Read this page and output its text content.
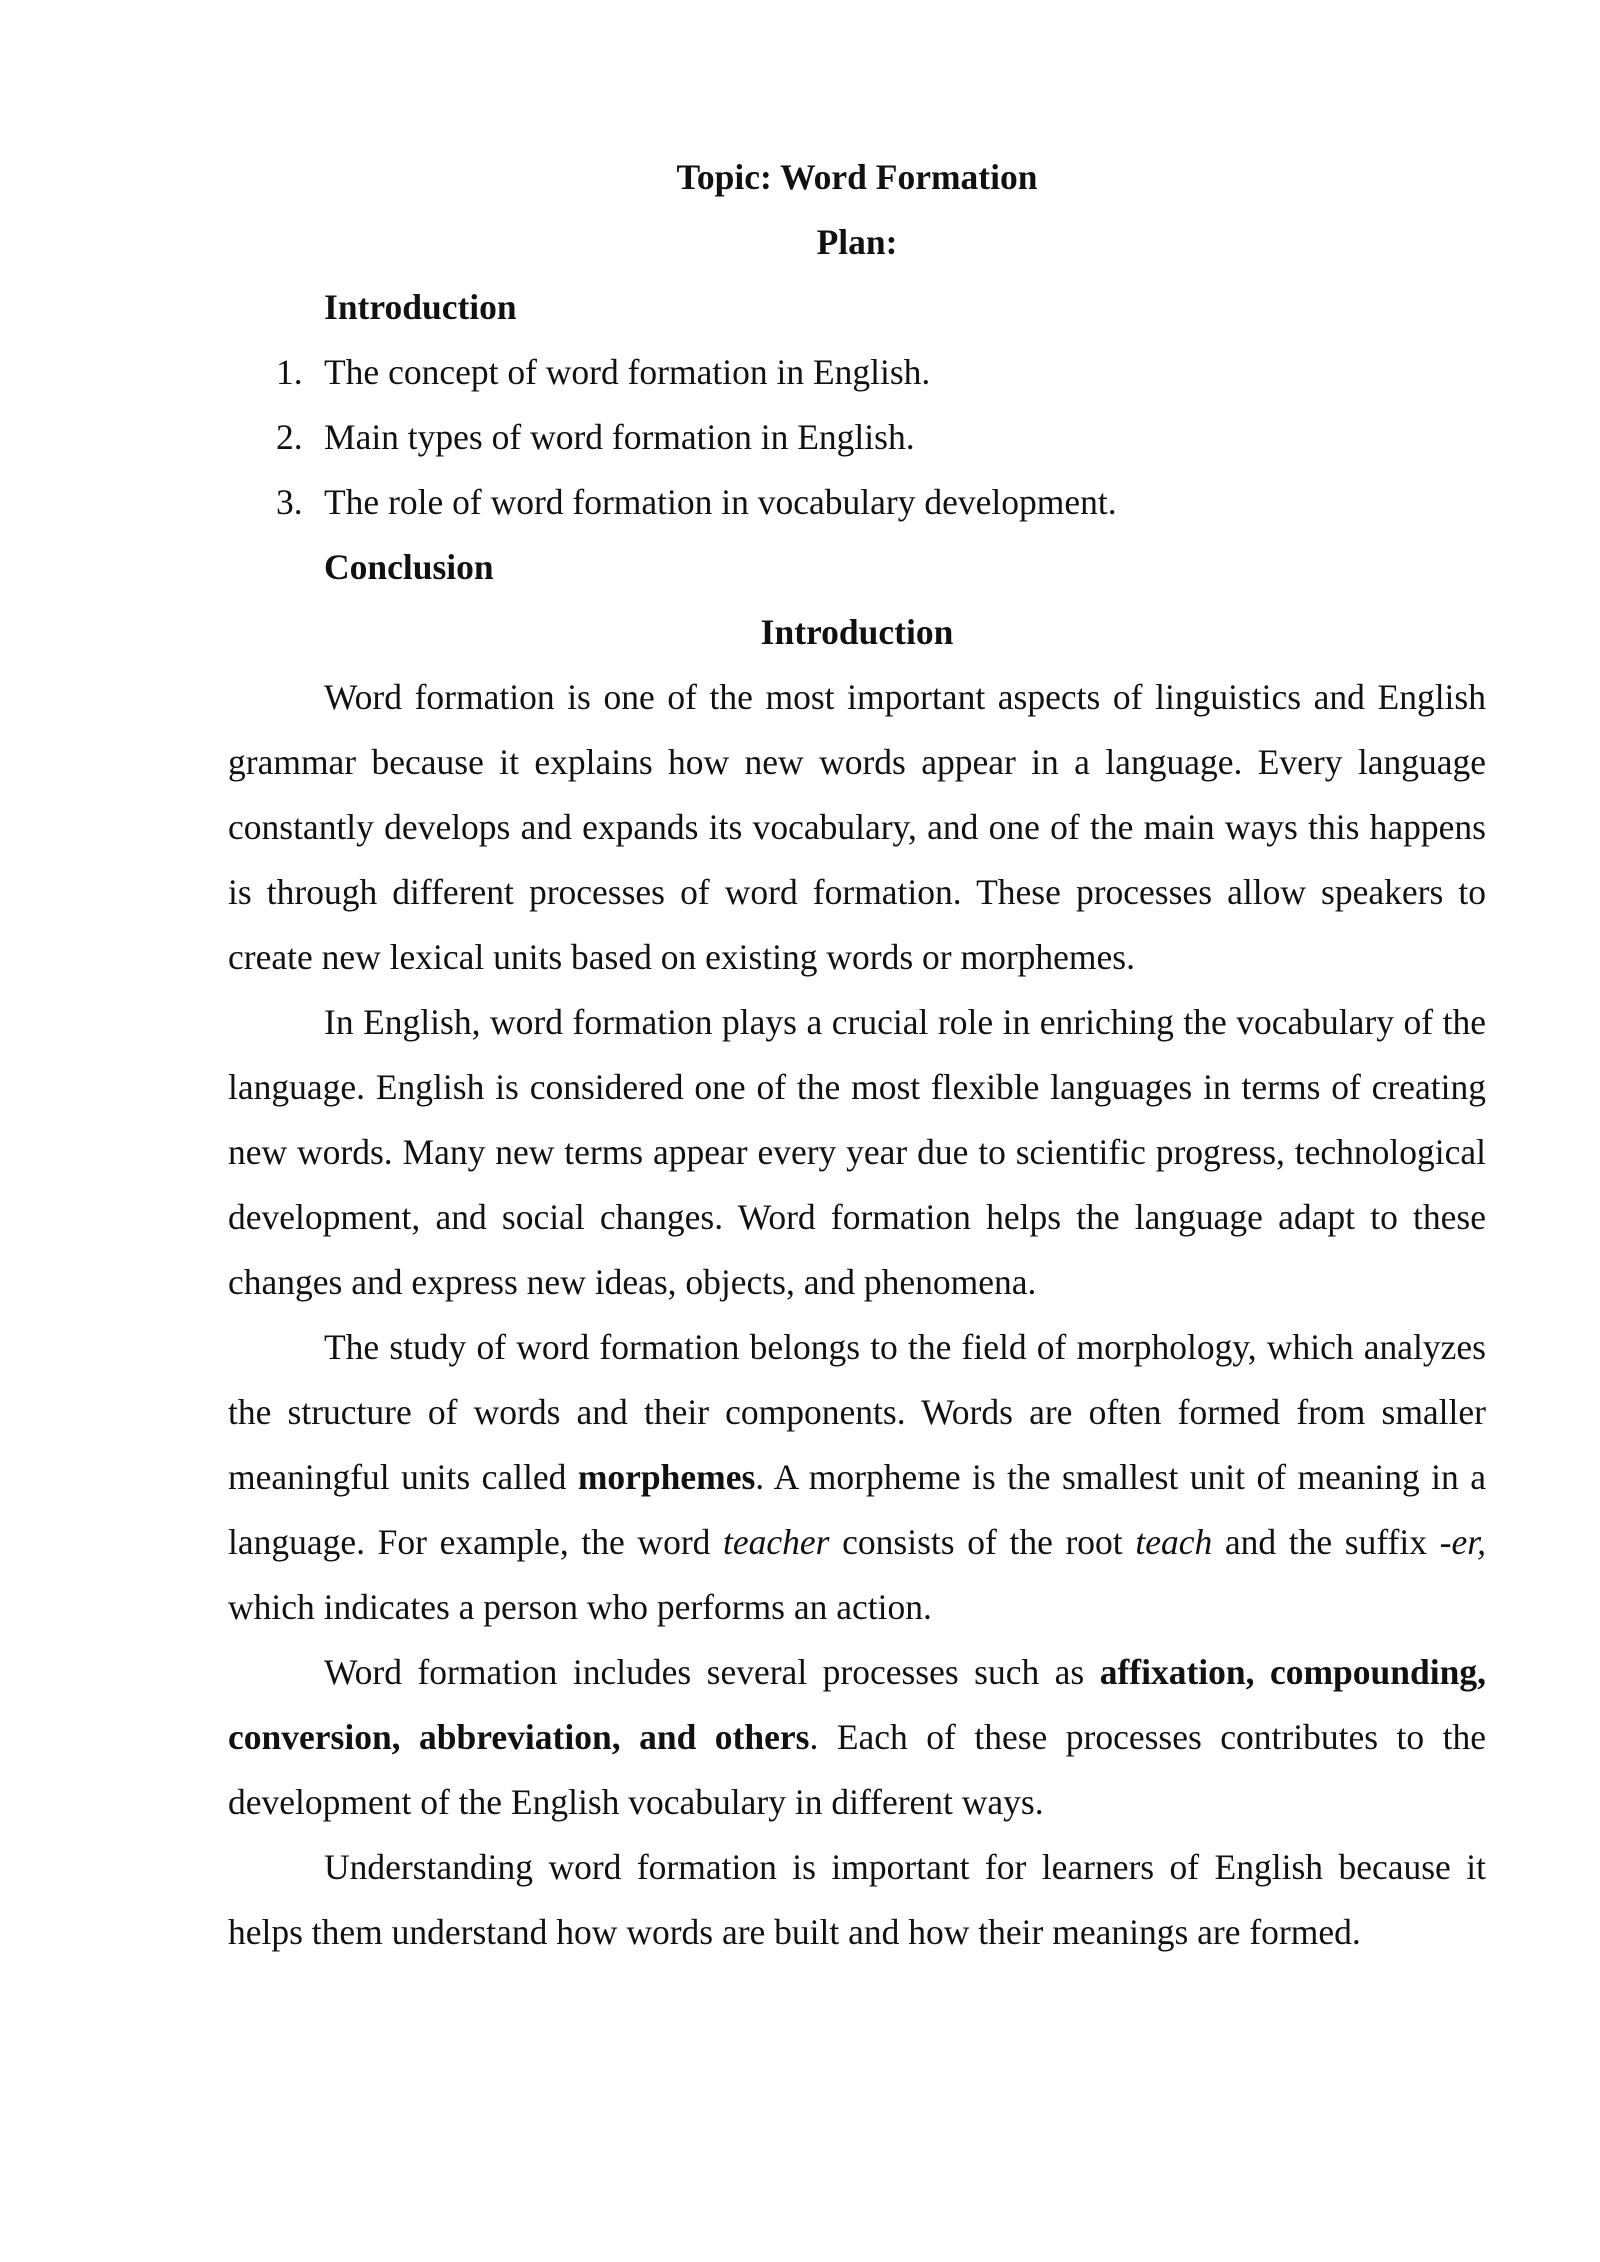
Topic: Word Formation

Plan:

Introduction

1. The concept of word formation in English.
2. Main types of word formation in English.
3. The role of word formation in vocabulary development.

Conclusion

Introduction

Word formation is one of the most important aspects of linguistics and English grammar because it explains how new words appear in a language. Every language constantly develops and expands its vocabulary, and one of the main ways this happens is through different processes of word formation. These processes allow speakers to create new lexical units based on existing words or morphemes.

In English, word formation plays a crucial role in enriching the vocabulary of the language. English is considered one of the most flexible languages in terms of creating new words. Many new terms appear every year due to scientific progress, technological development, and social changes. Word formation helps the language adapt to these changes and express new ideas, objects, and phenomena.

The study of word formation belongs to the field of morphology, which analyzes the structure of words and their components. Words are often formed from smaller meaningful units called morphemes. A morpheme is the smallest unit of meaning in a language. For example, the word teacher consists of the root teach and the suffix -er, which indicates a person who performs an action.

Word formation includes several processes such as affixation, compounding, conversion, abbreviation, and others. Each of these processes contributes to the development of the English vocabulary in different ways.

Understanding word formation is important for learners of English because it helps them understand how words are built and how their meanings are formed.
